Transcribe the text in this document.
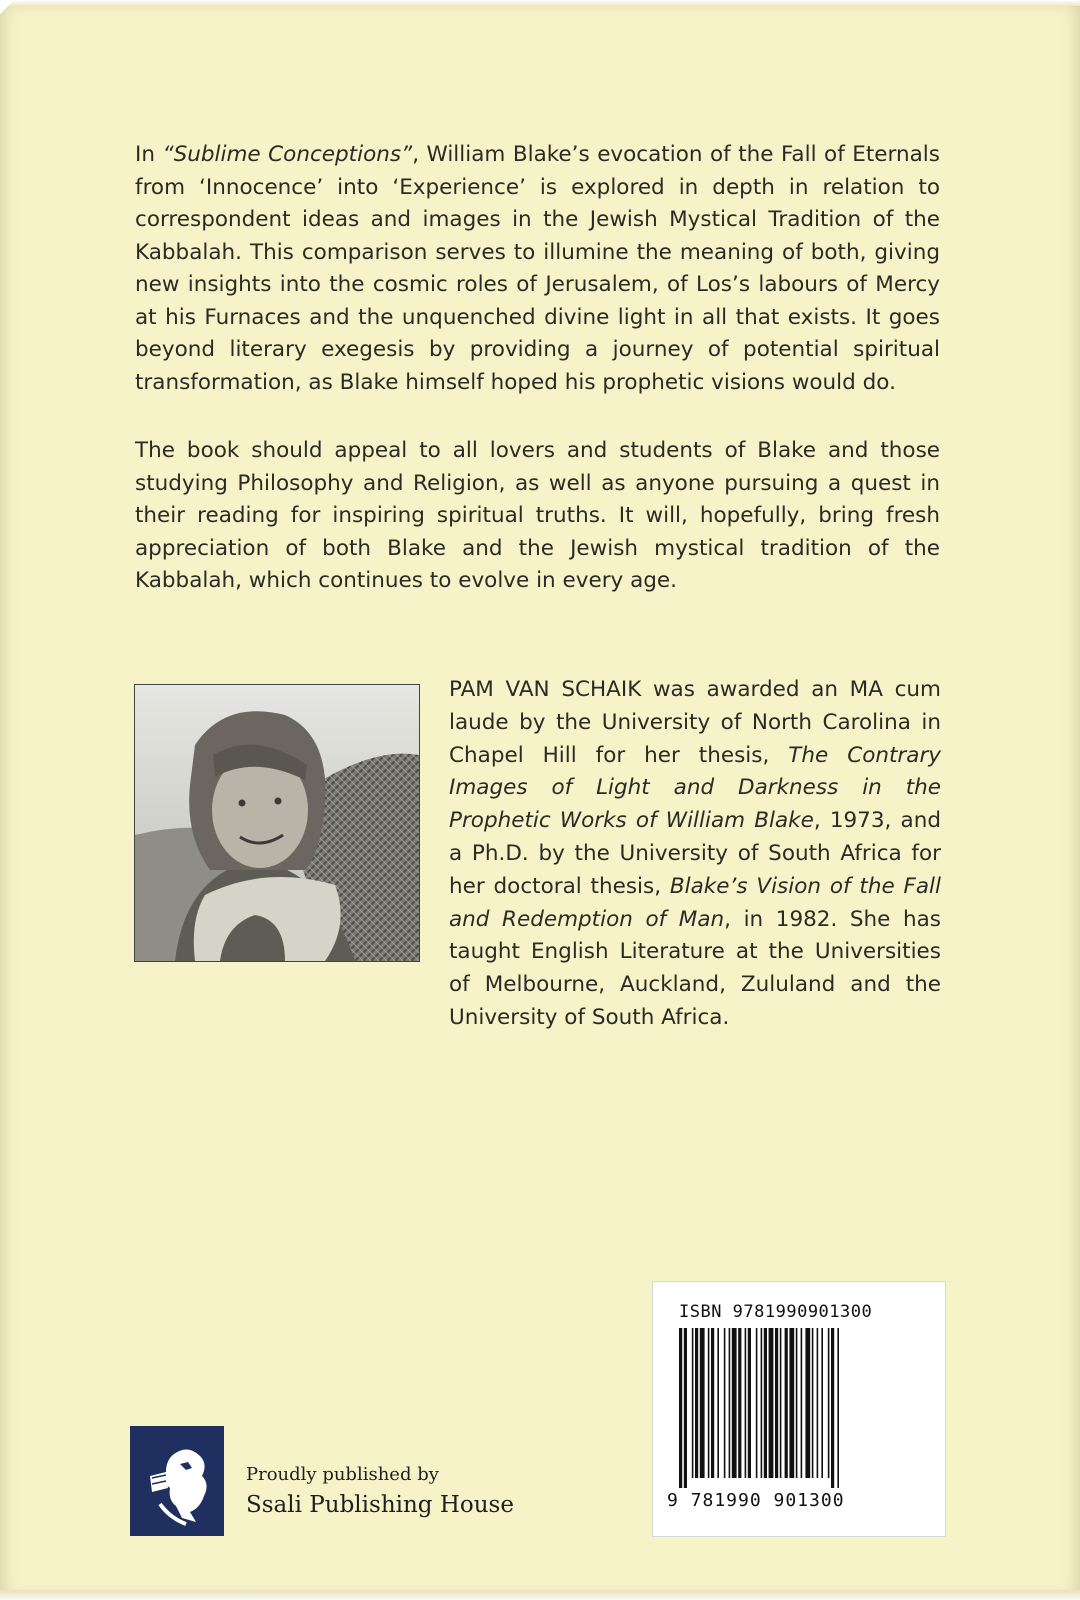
In “Sublime Conceptions”, William Blake’s evocation of the Fall of Eternals from ‘Innocence’ into ‘Experience’ is explored in depth in relation to correspondent ideas and images in the Jewish Mystical Tradition of the Kabbalah. This comparison serves to illumine the meaning of both, giving new insights into the cosmic roles of Jerusalem, of Los’s labours of Mercy at his Furnaces and the unquenched divine light in all that exists. It goes beyond literary exegesis by providing a journey of potential spiritual transformation, as Blake himself hoped his prophetic visions would do.

The book should appeal to all lovers and students of Blake and those studying Philosophy and Religion, as well as anyone pursuing a quest in their reading for inspiring spiritual truths. It will, hopefully, bring fresh appreciation of both Blake and the Jewish mystical tradition of the Kabbalah, which continues to evolve in every age.

PAM VAN SCHAIK was awarded an MA cum laude by the University of North Carolina in Chapel Hill for her thesis, The Contrary Images of Light and Darkness in the Prophetic Works of William Blake, 1973, and a Ph.D. by the University of South Africa for her doctoral thesis, Blake’s Vision of the Fall and Redemption of Man, in 1982. She has taught English Literature at the Universities of Melbourne, Auckland, Zululand and the University of South Africa.

ISBN 9781990901300
9 781990 901300
Proudly published by
Ssali Publishing House
